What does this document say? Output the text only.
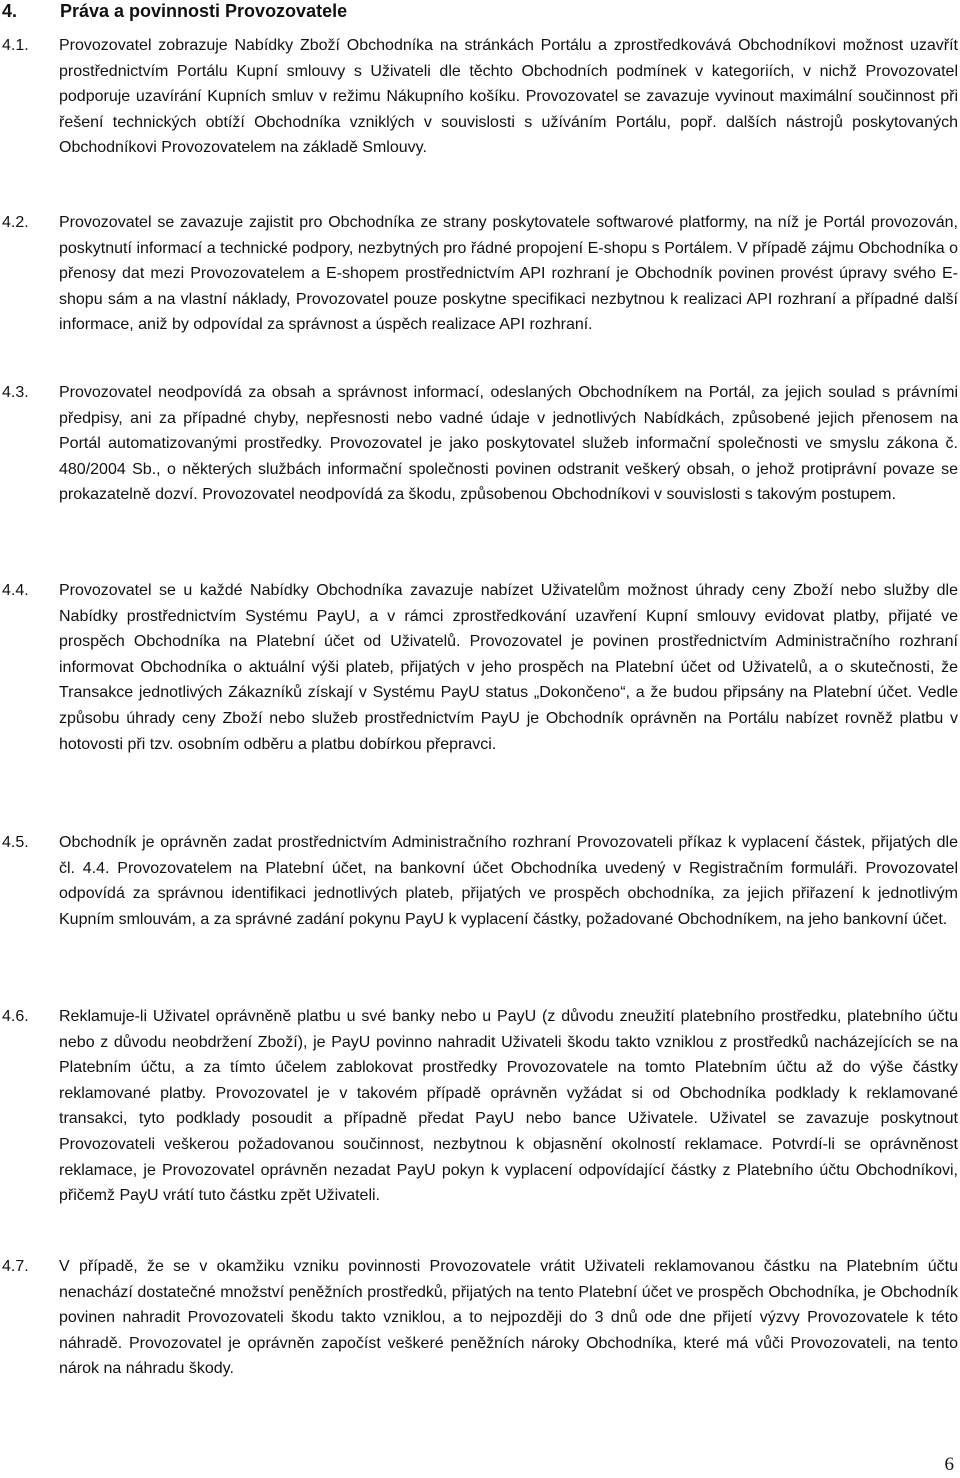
4. Práva a povinnosti Provozovatele
4.1. Provozovatel zobrazuje Nabídky Zboží Obchodníka na stránkách Portálu a zprostředkovává Obchodníkovi možnost uzavřít prostřednictvím Portálu Kupní smlouvy s Uživateli dle těchto Obchodních podmínek v kategoriích, v nichž Provozovatel podporuje uzavírání Kupních smluv v režimu Nákupního košíku. Provozovatel se zavazuje vyvinout maximální součinnost při řešení technických obtíží Obchodníka vzniklých v souvislosti s užíváním Portálu, popř. dalších nástrojů poskytovaných Obchodníkovi Provozovatelem na základě Smlouvy.
4.2. Provozovatel se zavazuje zajistit pro Obchodníka ze strany poskytovatele softwarové platformy, na níž je Portál provozován, poskytnutí informací a technické podpory, nezbytných pro řádné propojení E-shopu s Portálem. V případě zájmu Obchodníka o přenosy dat mezi Provozovatelem a E-shopem prostřednictvím API rozhraní je Obchodník povinen provést úpravy svého E-shopu sám a na vlastní náklady, Provozovatel pouze poskytne specifikaci nezbytnou k realizaci API rozhraní a případné další informace, aniž by odpovídal za správnost a úspěch realizace API rozhraní.
4.3. Provozovatel neodpovídá za obsah a správnost informací, odeslaných Obchodníkem na Portál, za jejich soulad s právními předpisy, ani za případné chyby, nepřesnosti nebo vadné údaje v jednotlivých Nabídkách, způsobené jejich přenosem na Portál automatizovanými prostředky. Provozovatel je jako poskytovatel služeb informační společnosti ve smyslu zákona č. 480/2004 Sb., o některých službách informační společnosti povinen odstranit veškerý obsah, o jehož protiprávní povaze se prokazatelně dozví. Provozovatel neodpovídá za škodu, způsobenou Obchodníkovi v souvislosti s takovým postupem.
4.4. Provozovatel se u každé Nabídky Obchodníka zavazuje nabízet Uživatelům možnost úhrady ceny Zboží nebo služby dle Nabídky prostřednictvím Systému PayU, a v rámci zprostředkování uzavření Kupní smlouvy evidovat platby, přijaté ve prospěch Obchodníka na Platební účet od Uživatelů. Provozovatel je povinen prostřednictvím Administračního rozhraní informovat Obchodníka o aktuální výši plateb, přijatých v jeho prospěch na Platební účet od Uživatelů, a o skutečnosti, že Transakce jednotlivých Zákazníků získají v Systému PayU status „Dokončeno“, a že budou připsány na Platební účet. Vedle způsobu úhrady ceny Zboží nebo služeb prostřednictvím PayU je Obchodník oprávněn na Portálu nabízet rovněž platbu v hotovosti při tzv. osobním odběru a platbu dobírkou přepravci.
4.5. Obchodník je oprávněn zadat prostřednictvím Administračního rozhraní Provozovateli příkaz k vyplacení částek, přijatých dle čl. 4.4. Provozovatelem na Platební účet, na bankovní účet Obchodníka uvedený v Registračním formuláři. Provozovatel odpovídá za správnou identifikaci jednotlivých plateb, přijatých ve prospěch obchodníka, za jejich přiřazení k jednotlivým Kupním smlouvám, a za správné zadání pokynu PayU k vyplacení částky, požadované Obchodníkem, na jeho bankovní účet.
4.6. Reklamuje-li Uživatel oprávněně platbu u své banky nebo u PayU (z důvodu zneužití platebního prostředku, platebního účtu nebo z důvodu neobdržení Zboží), je PayU povinno nahradit Uživateli škodu takto vzniklou z prostředků nacházejících se na Platebním účtu, a za tímto účelem zablokovat prostředky Provozovatele na tomto Platebním účtu až do výše částky reklamované platby. Provozovatel je v takovém případě oprávněn vyžádat si od Obchodníka podklady k reklamované transakci, tyto podklady posoudit a případně předat PayU nebo bance Uživatele. Uživatel se zavazuje poskytnout Provozovateli veškerou požadovanou součinnost, nezbytnou k objasnění okolností reklamace. Potvrdí-li se oprávněnost reklamace, je Provozovatel oprávněn nezadat PayU pokyn k vyplacení odpovídající částky z Platebního účtu Obchodníkovi, přičemž PayU vrátí tuto částku zpět Uživateli.
4.7. V případě, že se v okamžiku vzniku povinnosti Provozovatele vrátit Uživateli reklamovanou částku na Platebním účtu nenachází dostatečné množství peněžních prostředků, přijatých na tento Platební účet ve prospěch Obchodníka, je Obchodník povinen nahradit Provozovateli škodu takto vzniklou, a to nejpozději do 3 dnů ode dne přijetí výzvy Provozovatele k této náhradě. Provozovatel je oprávněn započíst veškeré peněžních nároky Obchodníka, které má vůči Provozovateli, na tento nárok na náhradu škody.
6
